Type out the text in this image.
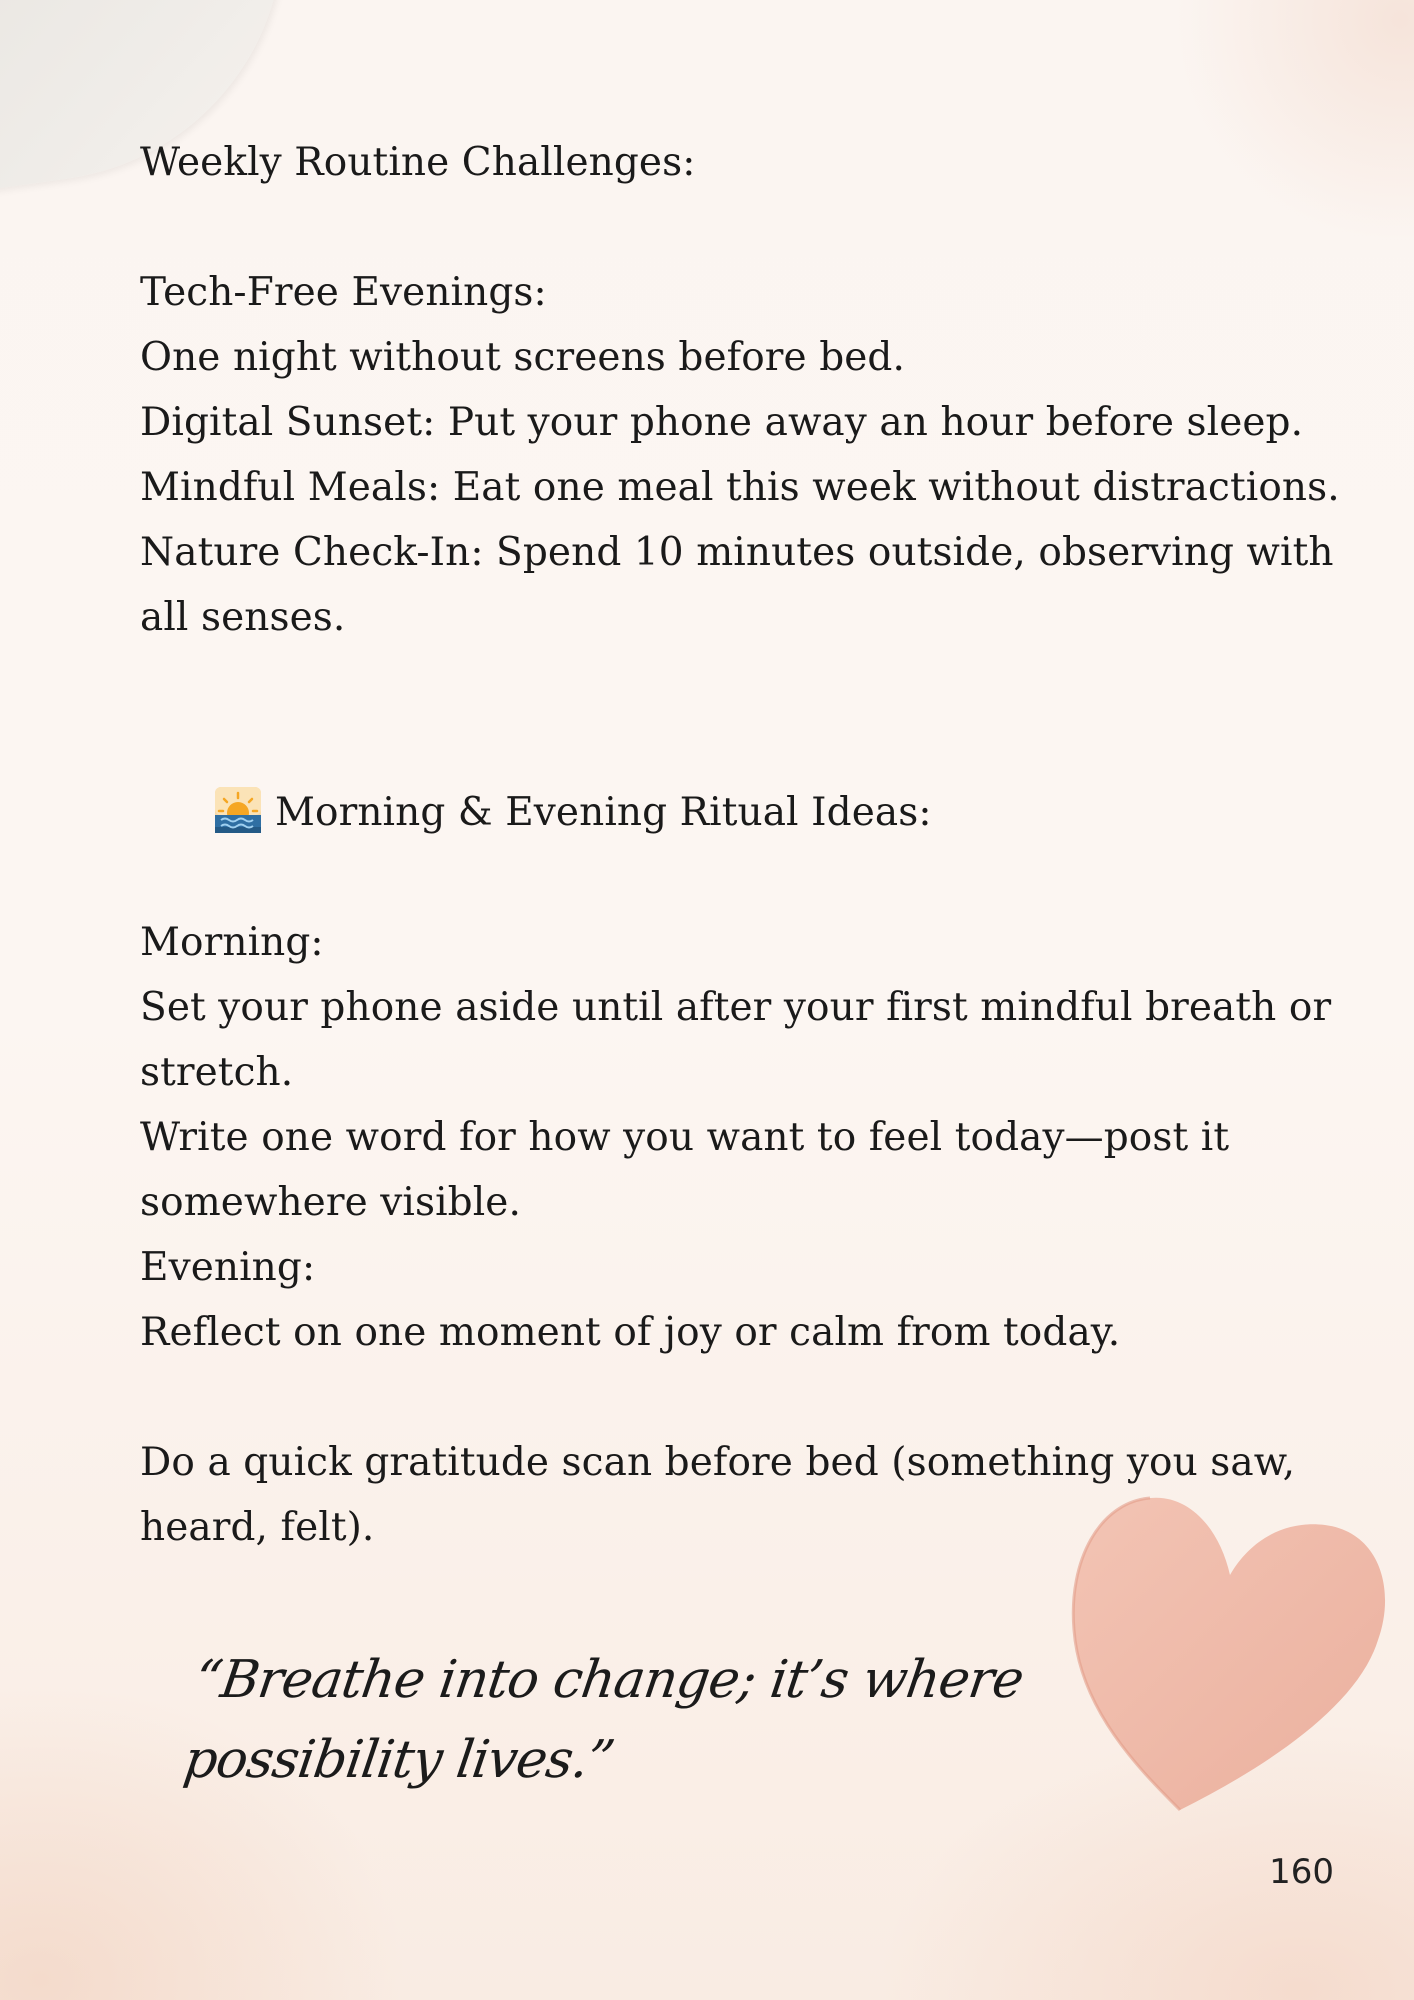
Weekly Routine Challenges:
Tech-Free Evenings:
One night without screens before bed.
Digital Sunset: Put your phone away an hour before sleep.
Mindful Meals: Eat one meal this week without distractions.
Nature Check-In: Spend 10 minutes outside, observing with all senses.

Morning & Evening Ritual Ideas:

Morning:
Set your phone aside until after your first mindful breath or stretch.
Write one word for how you want to feel today—post it somewhere visible.
Evening:
Reflect on one moment of joy or calm from today.
Do a quick gratitude scan before bed (something you saw, heard, felt).
“Breathe into change; it’s where possibility lives.”
160
